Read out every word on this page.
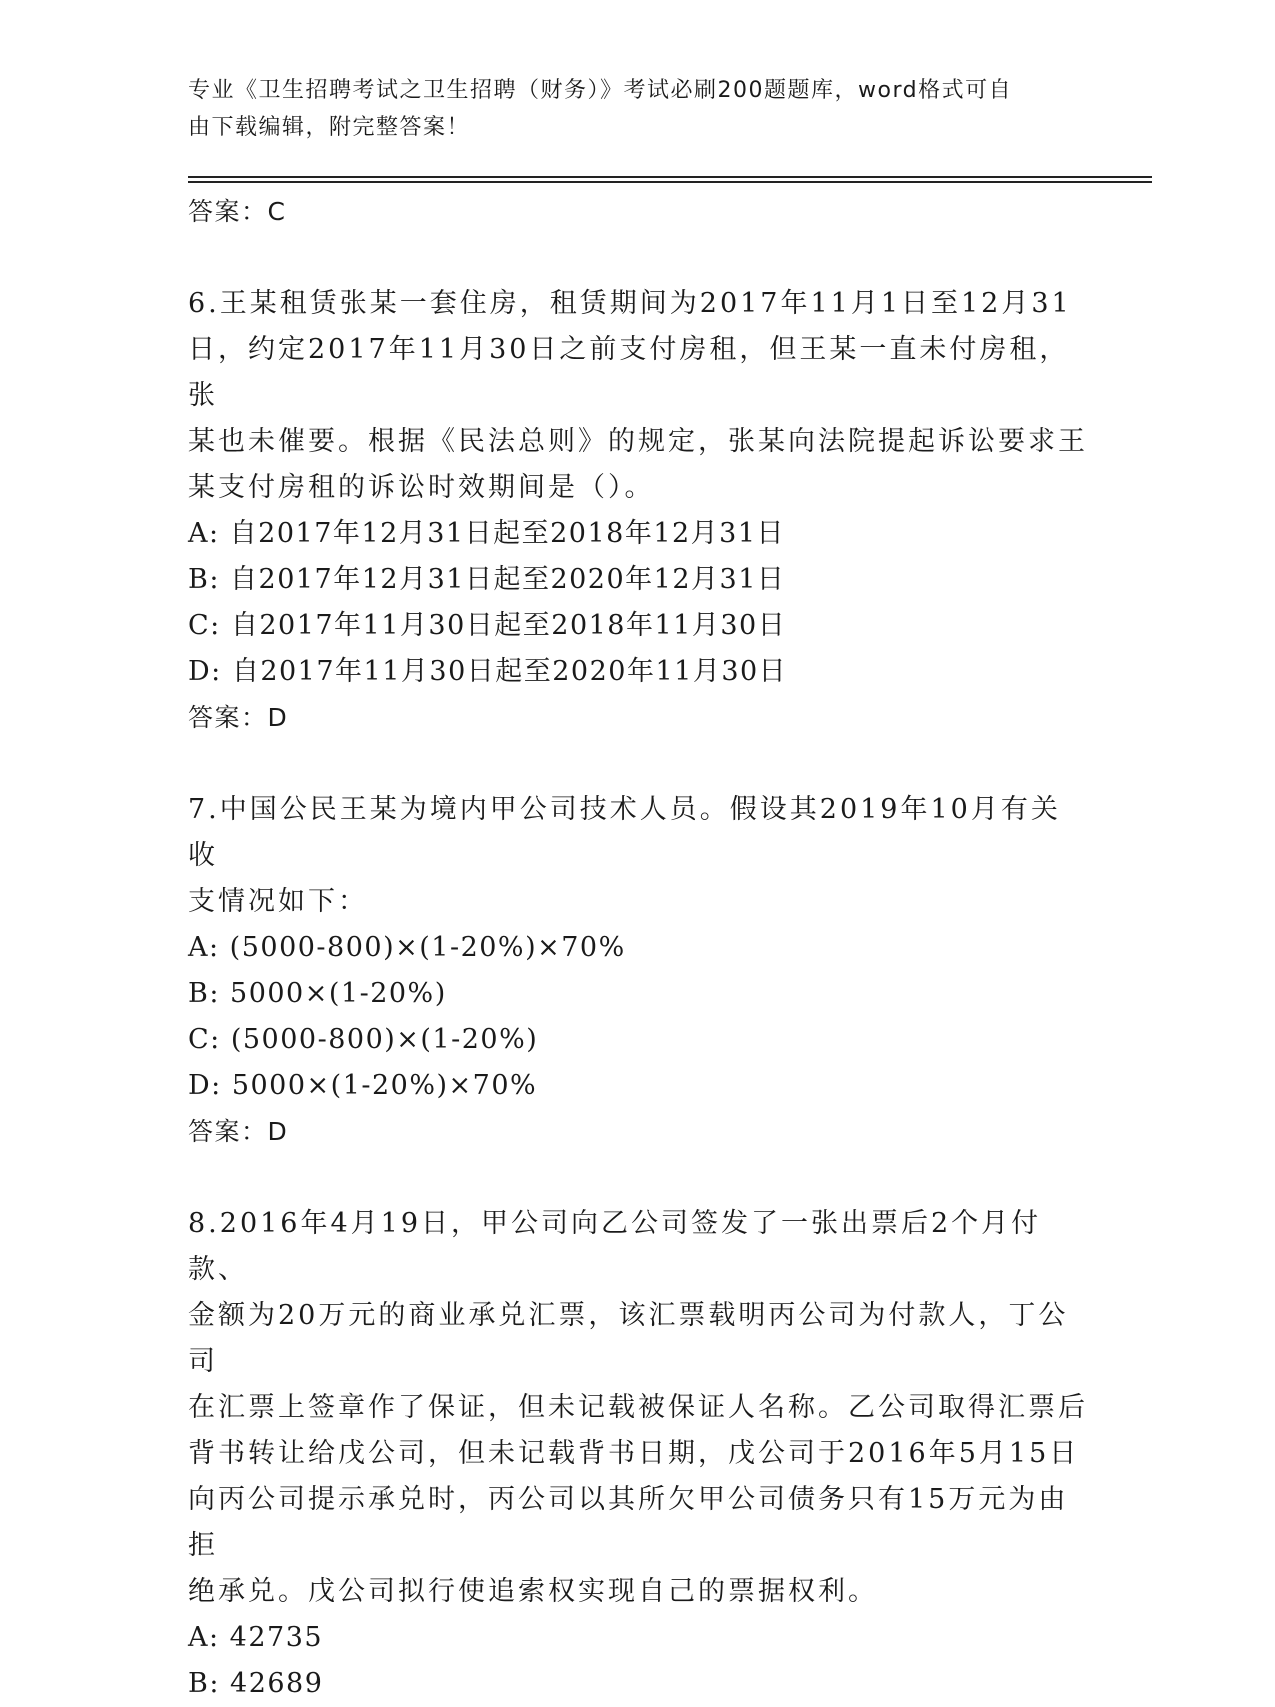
专业《卫生招聘考试之卫生招聘（财务）》考试必刷200题题库，word格式可自
由下载编辑，附完整答案！

答案：C

6.王某租赁张某一套住房，租赁期间为2017年11月1日至12月31

日，约定2017年11月30日之前支付房租，但王某一直未付房租，张

某也未催要。根据《民法总则》的规定，张某向法院提起诉讼要求王

某支付房租的诉讼时效期间是（）。

A: 自2017年12月31日起至2018年12月31日

B: 自2017年12月31日起至2020年12月31日

C: 自2017年11月30日起至2018年11月30日

D: 自2017年11月30日起至2020年11月30日

答案：D

7.中国公民王某为境内甲公司技术人员。假设其2019年10月有关收

支情况如下：

A: (5000-800)×(1-20%)×70%

B: 5000×(1-20%)

C: (5000-800)×(1-20%)

D: 5000×(1-20%)×70%

答案：D

8.2016年4月19日，甲公司向乙公司签发了一张出票后2个月付款、

金额为20万元的商业承兑汇票，该汇票载明丙公司为付款人，丁公司

在汇票上签章作了保证，但未记载被保证人名称。乙公司取得汇票后

背书转让给戊公司，但未记载背书日期，戊公司于2016年5月15日

向丙公司提示承兑时，丙公司以其所欠甲公司债务只有15万元为由拒

绝承兑。戊公司拟行使追索权实现自己的票据权利。

A: 42735

B: 42689
